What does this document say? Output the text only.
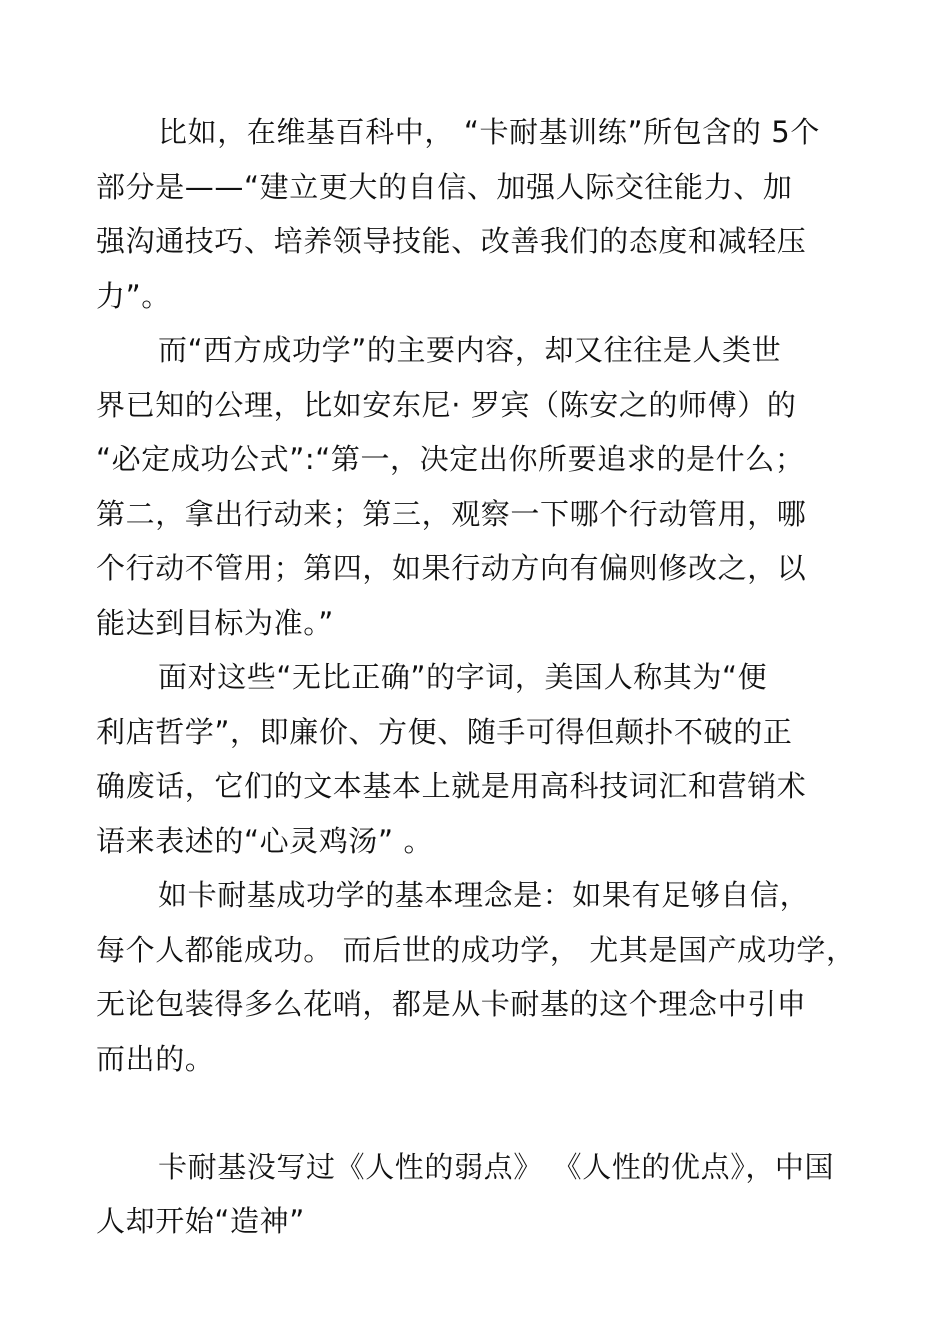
比如，在维基百科中， “卡耐基训练”所包含的 5个
部分是——“建立更大的自信、加强人际交往能力、加
强沟通技巧、培养领导技能、改善我们的态度和减轻压
力”。
而“西方成功学”的主要内容，却又往往是人类世
界已知的公理，比如安东尼· 罗宾（陈安之的师傅）的
“必定成功公式”:“第一，决定出你所要追求的是什么；
第二，拿出行动来；第三，观察一下哪个行动管用，哪
个行动不管用；第四，如果行动方向有偏则修改之，以
能达到目标为准。”
面对这些“无比正确”的字词，美国人称其为“便
利店哲学”，即廉价、方便、随手可得但颠扑不破的正
确废话，它们的文本基本上就是用高科技词汇和营销术
语来表述的“心灵鸡汤” 。
如卡耐基成功学的基本理念是：如果有足够自信，
每个人都能成功。 而后世的成功学， 尤其是国产成功学，
无论包装得多么花哨，都是从卡耐基的这个理念中引申
而出的。
卡耐基没写过《人性的弱点》 《人性的优点》，中国
人却开始“造神”
